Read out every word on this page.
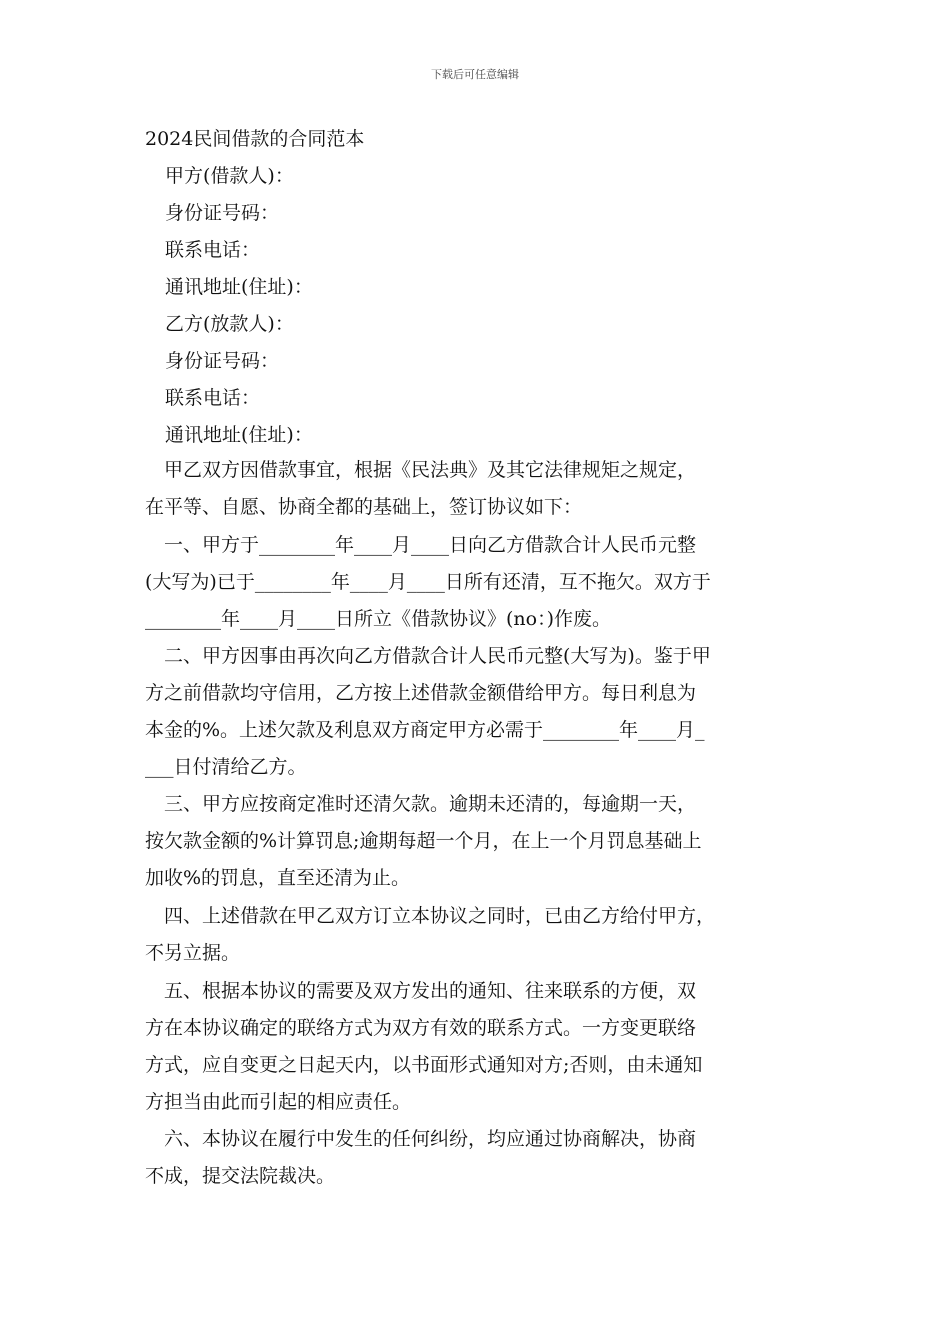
下载后可任意编辑
2024民间借款的合同范本
甲方(借款人)：
身份证号码：
联系电话：
通讯地址(住址)：
乙方(放款人)：
身份证号码：
联系电话：
通讯地址(住址)：
　甲乙双方因借款事宜，根据《民法典》及其它法律规矩之规定，
在平等、自愿、协商全都的基础上，签订协议如下：
　一、甲方于________年____月____日向乙方借款合计人民币元整
(大写为)已于________年____月____日所有还清，互不拖欠。双方于
________年____月____日所立《借款协议》(no：)作废。
　二、甲方因事由再次向乙方借款合计人民币元整(大写为)。鉴于甲
方之前借款均守信用，乙方按上述借款金额借给甲方。每日利息为
本金的%。上述欠款及利息双方商定甲方必需于________年____月_
___日付清给乙方。
　三、甲方应按商定准时还清欠款。逾期未还清的，每逾期一天，
按欠款金额的%计算罚息;逾期每超一个月，在上一个月罚息基础上
加收%的罚息，直至还清为止。
　四、上述借款在甲乙双方订立本协议之同时，已由乙方给付甲方，
不另立据。
　五、根据本协议的需要及双方发出的通知、往来联系的方便，双
方在本协议确定的联络方式为双方有效的联系方式。一方变更联络
方式，应自变更之日起天内，以书面形式通知对方;否则，由未通知
方担当由此而引起的相应责任。
　六、本协议在履行中发生的任何纠纷，均应通过协商解决，协商
不成，提交法院裁决。
